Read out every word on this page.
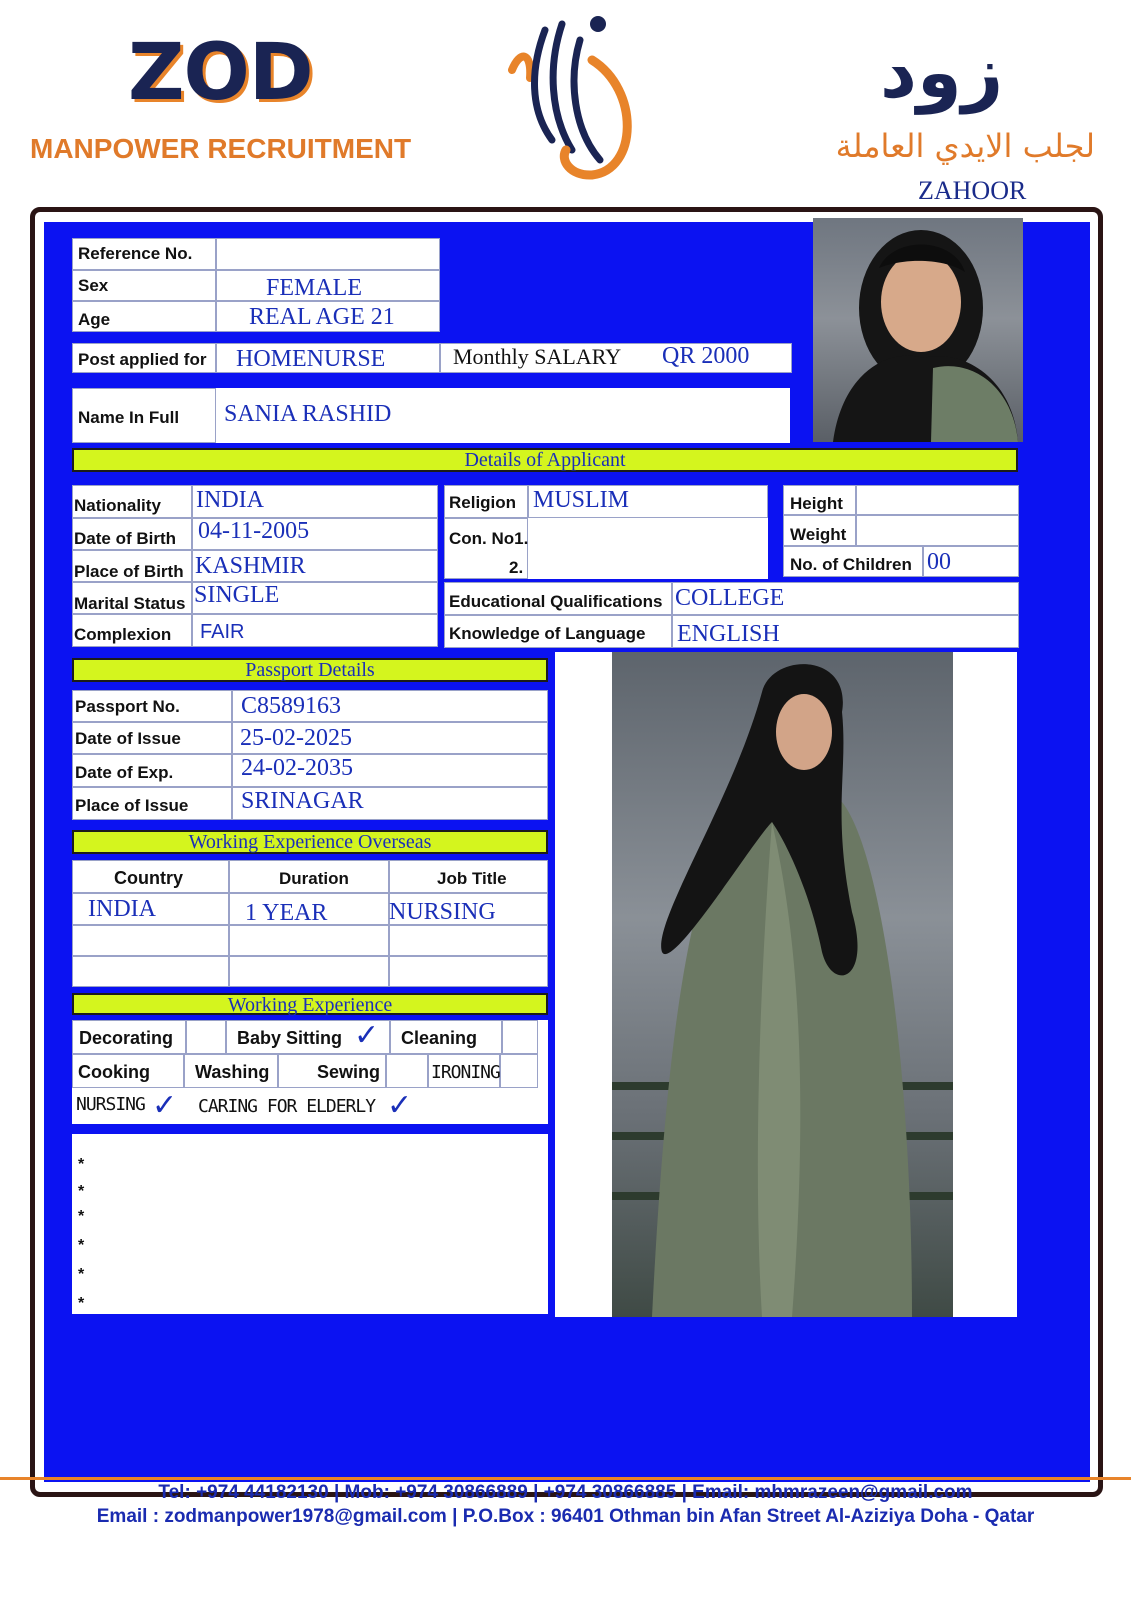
ZOD
MANPOWER RECRUITMENT
زود
لجلب الايدي العاملة
ZAHOOR
Reference No.
Sex	FEMALE
Age	REAL AGE 21
Post applied for HOMENURSE	Monthly SALARY QR 2000
Name In Full SANIA RASHID
Details of Applicant
Nationality INDIA
Date of Birth 04-11-2005
Place of Birth KASHMIR
Marital Status SINGLE
Complexion FAIR
Religion MUSLIM
Con. No1.
2.
Height
Weight
No. of Children 00
Educational Qualifications COLLEGE
Knowledge of Language ENGLISH
Passport Details
Passport No.	C8589163
Date of Issue 25-02-2025
Date of Exp.	24-02-2035
Place of Issue SRINAGAR
Working Experience Overseas
Country	Duration	Job Title
INDIA	1 YEAR	NURSING
Working Experience
Decorating	Baby Sitting ✓ Cleaning
Cooking	Washing	Sewing	IRONING
NURSING ✓ CARING FOR ELDERLY ✓
*
*
*
*
*
*
Tel: +974 44182130 | Mob: +974 30866889 | +974 30866885 | Email: mhmrazeen@gmail.com
Email : zodmanpower1978@gmail.com | P.O.Box : 96401 Othman bin Afan Street Al-Aziziya Doha - Qatar
